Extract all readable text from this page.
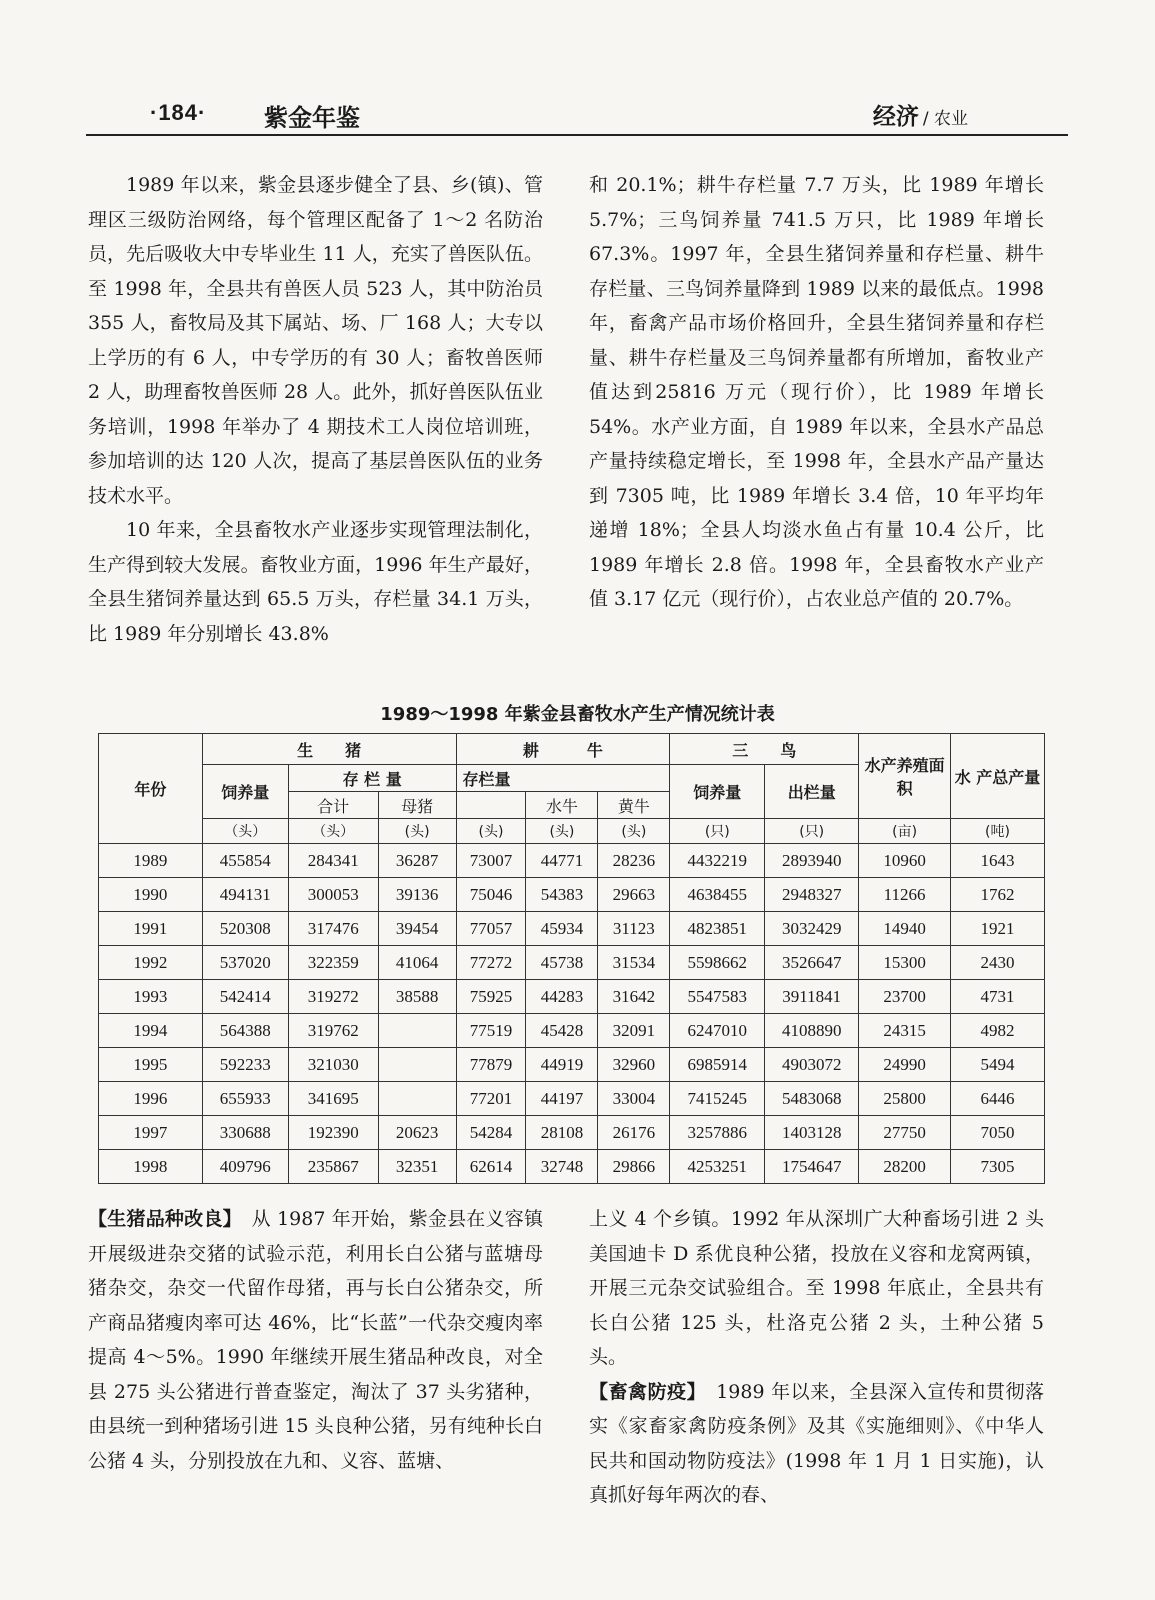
·184· 紫金年鉴	经济 / 农业

1989 年以来，紫金县逐步健全了县、乡(镇)、管理区三级防治网络，每个管理区配备了 1～2 名防治员，先后吸收大中专毕业生 11 人，充实了兽医队伍。至 1998 年，全县共有兽医人员 523 人，其中防治员 355 人，畜牧局及其下属站、场、厂 168 人；大专以上学历的有 6 人，中专学历的有 30 人；畜牧兽医师 2 人，助理畜牧兽医师 28 人。此外，抓好兽医队伍业务培训，1998 年举办了 4 期技术工人岗位培训班，参加培训的达 120 人次，提高了基层兽医队伍的业务技术水平。

10 年来，全县畜牧水产业逐步实现管理法制化，生产得到较大发展。畜牧业方面，1996 年生产最好，全县生猪饲养量达到 65.5 万头，存栏量 34.1 万头，比 1989 年分别增长 43.8%

和 20.1%；耕牛存栏量 7.7 万头，比 1989 年增长 5.7%；三鸟饲养量 741.5 万只，比 1989 年增长 67.3%。1997 年，全县生猪饲养量和存栏量、耕牛存栏量、三鸟饲养量降到 1989 以来的最低点。1998 年，畜禽产品市场价格回升，全县生猪饲养量和存栏量、耕牛存栏量及三鸟饲养量都有所增加，畜牧业产值达到25816 万元（现行价），比 1989 年增长 54%。水产业方面，自 1989 年以来，全县水产品总产量持续稳定增长，至 1998 年，全县水产品产量达到 7305 吨，比 1989 年增长 3.4 倍，10 年平均年递增 18%；全县人均淡水鱼占有量 10.4 公斤，比 1989 年增长 2.8 倍。1998 年，全县畜牧水产业产值 3.17 亿元（现行价），占农业总产值的 20.7%。

1989～1998 年紫金县畜牧水产生产情况统计表
年份	生　　猪			耕　　　牛			三　　鸟		水产养殖面积	水 产总产量
	饲养量	存 栏 量		存栏量			饲养量	出栏量		
		合计	母猪		水牛	黄牛				
	（头）	（头）	(头)	(头)	(头)	(头)	(只)	(只)	(亩)	(吨)
1989	455854	284341	36287	73007	44771	28236	4432219	2893940	10960	1643
1990	494131	300053	39136	75046	54383	29663	4638455	2948327	11266	1762
1991	520308	317476	39454	77057	45934	31123	4823851	3032429	14940	1921
1992	537020	322359	41064	77272	45738	31534	5598662	3526647	15300	2430
1993	542414	319272	38588	75925	44283	31642	5547583	3911841	23700	4731
1994	564388	319762		77519	45428	32091	6247010	4108890	24315	4982
1995	592233	321030		77879	44919	32960	6985914	4903072	24990	5494
1996	655933	341695		77201	44197	33004	7415245	5483068	25800	6446
1997	330688	192390	20623	54284	28108	26176	3257886	1403128	27750	7050
1998	409796	235867	32351	62614	32748	29866	4253251	1754647	28200	7305

【生猪品种改良】　从 1987 年开始，紫金县在义容镇开展级进杂交猪的试验示范，利用长白公猪与蓝塘母猪杂交，杂交一代留作母猪，再与长白公猪杂交，所产商品猪瘦肉率可达 46%，比“长蓝”一代杂交瘦肉率提高 4～5%。1990 年继续开展生猪品种改良，对全县 275 头公猪进行普查鉴定，淘汰了 37 头劣猪种，由县统一到种猪场引进 15 头良种公猪，另有纯种长白公猪 4 头，分别投放在九和、义容、蓝塘、

上义 4 个乡镇。1992 年从深圳广大种畜场引进 2 头美国迪卡 D 系优良种公猪，投放在义容和龙窝两镇，开展三元杂交试验组合。至 1998 年底止，全县共有长白公猪 125 头，杜洛克公猪 2 头，土种公猪 5 头。

【畜禽防疫】　1989 年以来，全县深入宣传和贯彻落实《家畜家禽防疫条例》及其《实施细则》、《中华人民共和国动物防疫法》(1998 年 1 月 1 日实施)，认真抓好每年两次的春、
